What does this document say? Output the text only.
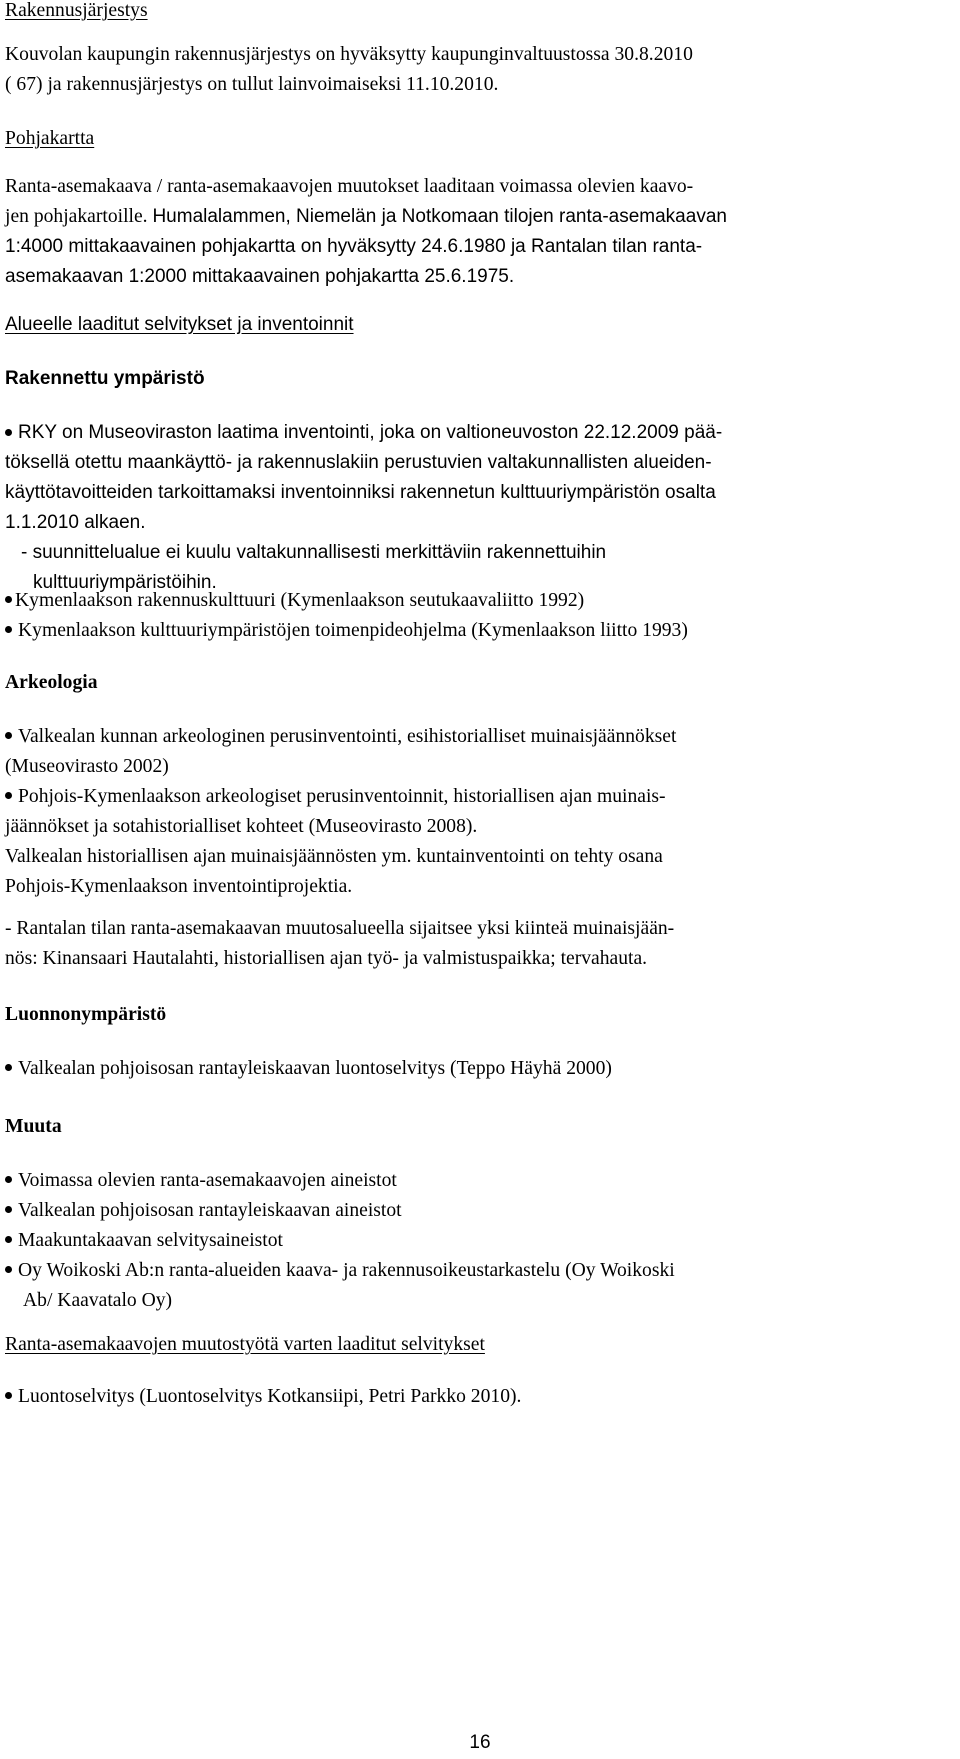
Rakennusjärjestys
Kouvolan kaupungin rakennusjärjestys on hyväksytty kaupunginvaltuustossa 30.8.2010
( 67) ja rakennusjärjestys on tullut lainvoimaiseksi 11.10.2010.
Pohjakartta
Ranta-asemakaava / ranta-asemakaavojen muutokset laaditaan voimassa olevien kaavo-
jen pohjakartoille. Humalalammen, Niemelän ja Notkomaan tilojen ranta-asemakaavan
1:4000 mittakaavainen pohjakartta on hyväksytty 24.6.1980 ja Rantalan tilan ranta-
asemakaavan 1:2000 mittakaavainen pohjakartta 25.6.1975.
Alueelle laaditut selvitykset ja inventoinnit
Rakennettu ympäristö
RKY on Museoviraston laatima inventointi, joka on valtioneuvoston 22.12.2009 pää-
töksellä otettu maankäyttö- ja rakennuslakiin perustuvien valtakunnallisten alueiden-
käyttötavoitteiden tarkoittamaksi inventoinniksi rakennetun kulttuuriympäristön osalta
1.1.2010 alkaen.
- suunnittelualue ei kuulu valtakunnallisesti merkittäviin rakennettuihin
kulttuuriympäristöihin.
Kymenlaakson rakennuskulttuuri (Kymenlaakson seutukaavaliitto 1992)
Kymenlaakson kulttuuriympäristöjen toimenpideohjelma (Kymenlaakson liitto 1993)
Arkeologia
Valkealan kunnan arkeologinen perusinventointi, esihistorialliset muinaisjäännökset
(Museovirasto 2002)
Pohjois-Kymenlaakson arkeologiset perusinventoinnit, historiallisen ajan muinais-
jäännökset ja sotahistorialliset kohteet (Museovirasto 2008).
Valkealan historiallisen ajan muinaisjäännösten ym. kuntainventointi on tehty osana
Pohjois-Kymenlaakson inventointiprojektia.
- Rantalan tilan ranta-asemakaavan muutosalueella sijaitsee yksi kiinteä muinaisjään-
nös: Kinansaari Hautalahti, historiallisen ajan työ- ja valmistuspaikka; tervahauta.
Luonnonympäristö
Valkealan pohjoisosan rantayleiskaavan luontoselvitys (Teppo Häyhä 2000)
Muuta
Voimassa olevien ranta-asemakaavojen aineistot
Valkealan pohjoisosan rantayleiskaavan aineistot
Maakuntakaavan selvitysaineistot
Oy Woikoski Ab:n ranta-alueiden kaava- ja rakennusoikeustarkastelu (Oy Woikoski
Ab/ Kaavatalo Oy)
Ranta-asemakaavojen muutostyötä varten laaditut selvitykset
Luontoselvitys (Luontoselvitys Kotkansiipi, Petri Parkko 2010).
16
